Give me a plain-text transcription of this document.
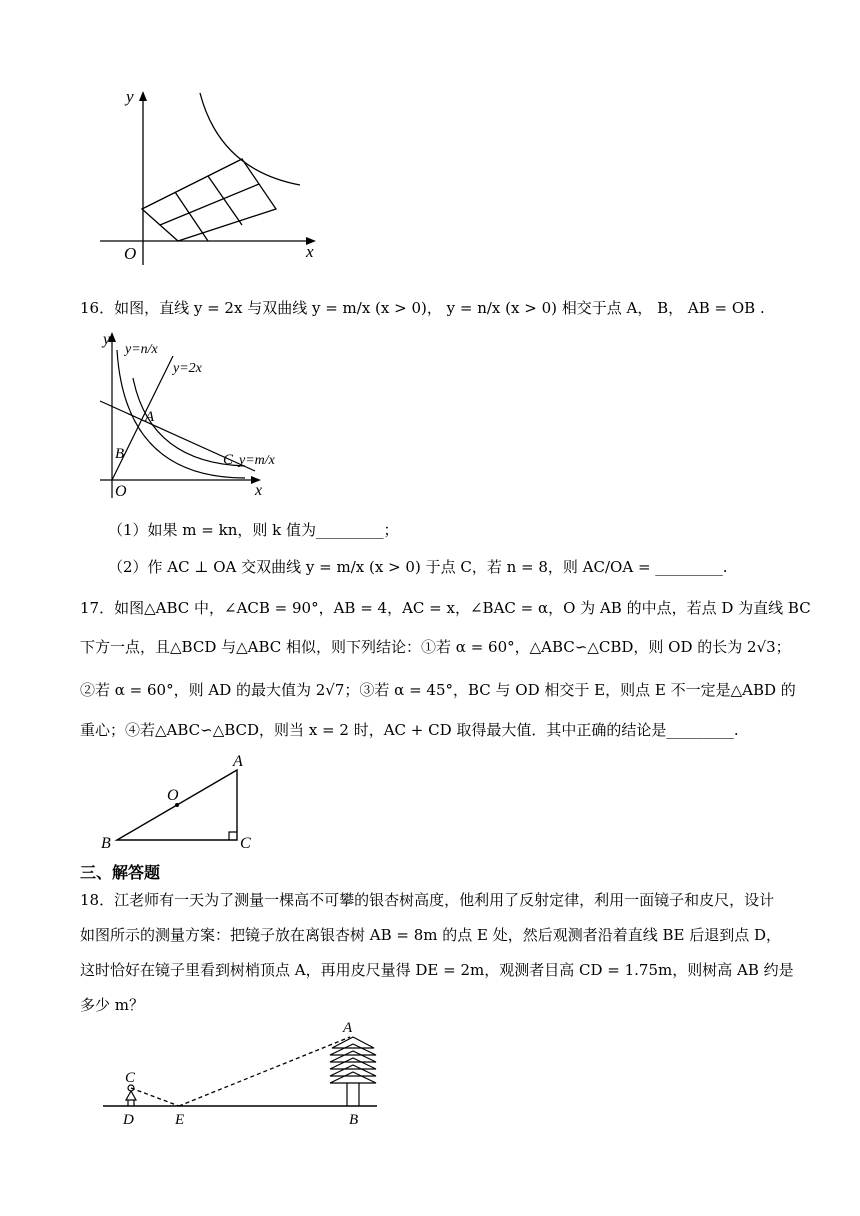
y
x
O
16．如图，直线 y = 2x 与双曲线 y = m/x (x > 0)， y = n/x (x > 0) 相交于点 A， B， AB = OB .
y
x
O
y=n/x
y=2x
A
B	C y=m/x
（1）如果 m = kn，则 k 值为_________；
（2）作 AC ⊥ OA 交双曲线 y = m/x (x > 0) 于点 C，若 n = 8，则 AC/OA = _________.
17．如图△ABC 中，∠ACB = 90°，AB = 4，AC = x，∠BAC = α，O 为 AB 的中点，若点 D 为直线 BC
下方一点，且△BCD 与△ABC 相似，则下列结论：①若 α = 60°，△ABC∽△CBD，则 OD 的长为 2√3；
②若 α = 60°，则 AD 的最大值为 2√7；③若 α = 45°，BC 与 OD 相交于 E，则点 E 不一定是△ABD 的
重心；④若△ABC∽△BCD，则当 x = 2 时，AC + CD 取得最大值．其中正确的结论是_________.
A
B	C
O
三、解答题
18．江老师有一天为了测量一棵高不可攀的银杏树高度，他利用了反射定律，利用一面镜子和皮尺，设计
如图所示的测量方案：把镜子放在离银杏树 AB = 8m 的点 E 处，然后观测者沿着直线 BE 后退到点 D，
这时恰好在镜子里看到树梢顶点 A，再用皮尺量得 DE = 2m，观测者目高 CD = 1.75m，则树高 AB 约是
多少 m？
A
C
D	E	B
